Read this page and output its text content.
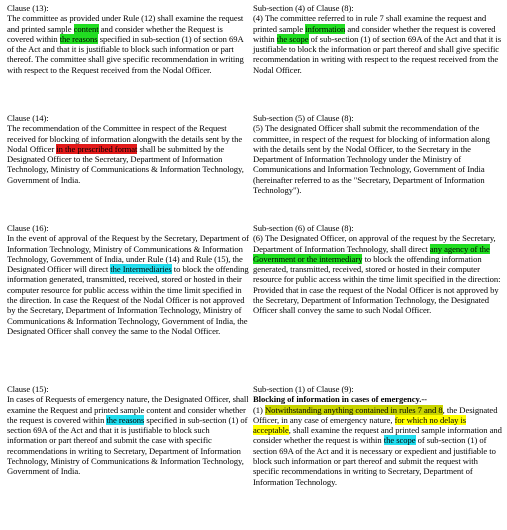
Clause (13):
The committee as provided under Rule (12) shall examine the request and printed sample content and consider whether the Request is covered within the reasons specified in sub-section (1) of section 69A of the Act and that it is justifiable to block such information or part thereof. The committee shall give specific recommendation in writing with respect to the Request received from the Nodal Officer.
Sub-section (4) of Clause (8):
(4) The committee referred to in rule 7 shall examine the request and printed sample information and consider whether the request is covered within the scope of sub-section (1) of section 69A of the Act and that it is justifiable to block the information or part thereof and shall give specific recommendation in writing with respect to the request received from the Nodal Officer.
Clause (14):
The recommendation of the Committee in respect of the Request received for blocking of information alongwith the details sent by the Nodal Officer in the prescribed format shall be submitted by the Designated Officer to the Secretary, Department of Information Technology, Ministry of Communications & Information Technology, Government of India.
Sub-section (5) of Clause (8):
(5) The designated Officer shall submit the recommendation of the committee, in respect of the request for blocking of information along with the details sent by the Nodal Officer, to the Secretary in the Department of Information Technology under the Ministry of Communications and Information Technology, Government of India (hereinafter referred to as the "Secretary, Department of Information Technology").
Clause (16):
In the event of approval of the Request by the Secretary, Department of Information Technology, Ministry of Communications & Information Technology, Government of India, under Rule (14) and Rule (15), the Designated Officer will direct the Intermediaries to block the offending information generated, transmitted, received, stored or hosted in their computer resource for public access within the time limit specified in the direction. In case the Request of the Nodal Officer is not approved by the Secretary, Department of Information Technology, Ministry of Communications & Information Technology, Government of India, the Designated Officer shall convey the same to the Nodal Officer.
Sub-section (6) of Clause (8):
(6) The Designated Officer, on approval of the request by the Secretary, Department of Information Technology, shall direct any agency of the Government or the intermediary to block the offending information generated, transmitted, received, stored or hosted in their computer resource for public access within the time limit specified in the direction:
Provided that in case the request of the Nodal Officer is not approved by the Secretary, Department of Information Technology, the Designated Officer shall convey the same to such Nodal Officer.
Clause (15):
In cases of Requests of emergency nature, the Designated Officer, shall examine the Request and printed sample content and consider whether the request is covered within the reasons specified in sub-section (1) of section 69A of the Act and that it is justifiable to block such information or part thereof and submit the case with specific recommendations in writing to Secretary, Department of Information Technology, Ministry of Communications & Information Technology, Government of India.
Sub-section (1) of Clause (9):
Blocking of information in cases of emergency.--
(1) Notwithstanding anything contained in rules 7 and 8, the Designated Officer, in any case of emergency nature, for which no delay is acceptable, shall examine the request and printed sample information and consider whether the request is within the scope of sub-section (1) of section 69A of the Act and it is necessary or expedient and justifiable to block such information or part thereof and submit the request with specific recommendations in writing to Secretary, Department of Information Technology.
